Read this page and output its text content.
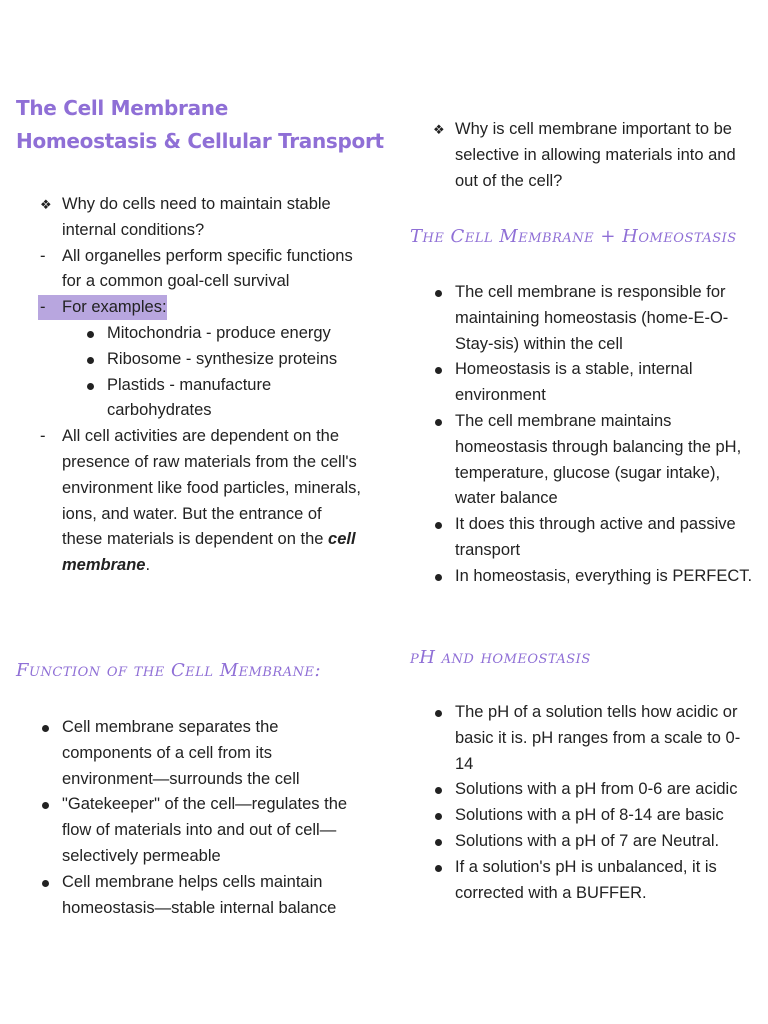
The Cell Membrane
Homeostasis & Cellular Transport
❖ Why do cells need to maintain stable internal conditions?
- All organelles perform specific functions for a common goal-cell survival
- For examples:
Mitochondria - produce energy
Ribosome - synthesize proteins
Plastids - manufacture carbohydrates
- All cell activities are dependent on the presence of raw materials from the cell's environment like food particles, minerals, ions, and water. But the entrance of these materials is dependent on the cell membrane.
Function of the Cell Membrane:
Cell membrane separates the components of a cell from its environment—surrounds the cell
"Gatekeeper" of the cell—regulates the flow of materials into and out of cell—selectively permeable
Cell membrane helps cells maintain homeostasis—stable internal balance
❖ Why is cell membrane important to be selective in allowing materials into and out of the cell?
The Cell Membrane + Homeostasis
The cell membrane is responsible for maintaining homeostasis (home-E-O-Stay-sis) within the cell
Homeostasis is a stable, internal environment
The cell membrane maintains homeostasis through balancing the pH, temperature, glucose (sugar intake), water balance
It does this through active and passive transport
In homeostasis, everything is PERFECT.
pH and homeostasis
The pH of a solution tells how acidic or basic it is. pH ranges from a scale to 0-14
Solutions with a pH from 0-6 are acidic
Solutions with a pH of 8-14 are basic
Solutions with a pH of 7 are Neutral.
If a solution's pH is unbalanced, it is corrected with a BUFFER.
